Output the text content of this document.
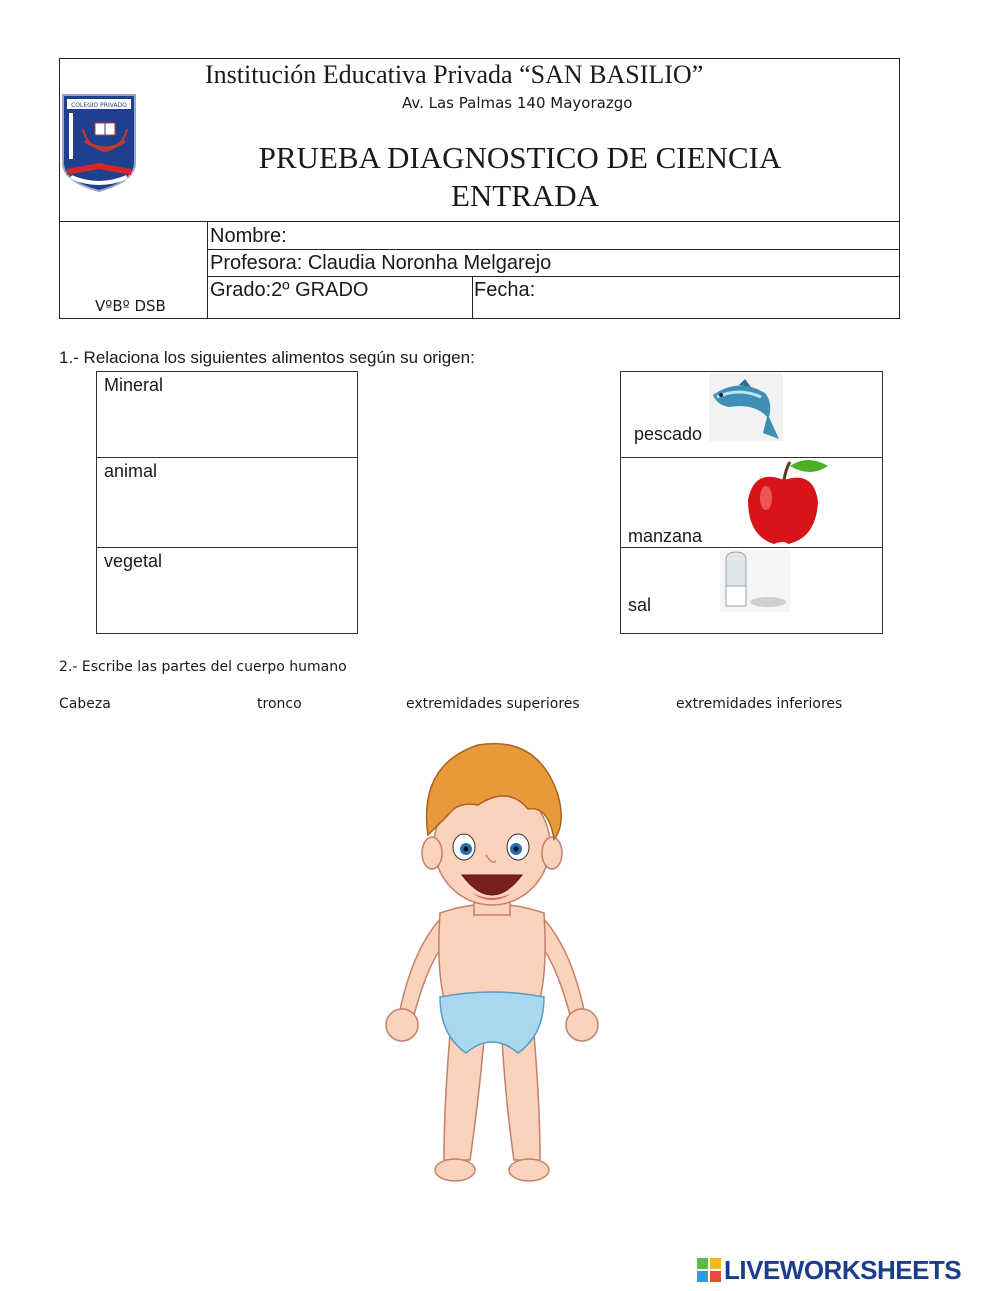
COLEGIO PRIVADO
Institución Educativa Privada “SAN BASILIO”
Av. Las Palmas 140 Mayorazgo
PRUEBA DIAGNOSTICO DE CIENCIA
ENTRADA
Nombre:
Profesora: Claudia Noronha Melgarejo
Grado:2º GRADO	Fecha:
VºBº DSB
1.- Relaciona los siguientes alimentos según su origen:
Mineral
animal
vegetal
pescado
manzana
sal
2.- Escribe las partes del cuerpo humano
Cabeza	tronco	extremidades superiores	extremidades inferiores
LIVEWORKSHEETS
